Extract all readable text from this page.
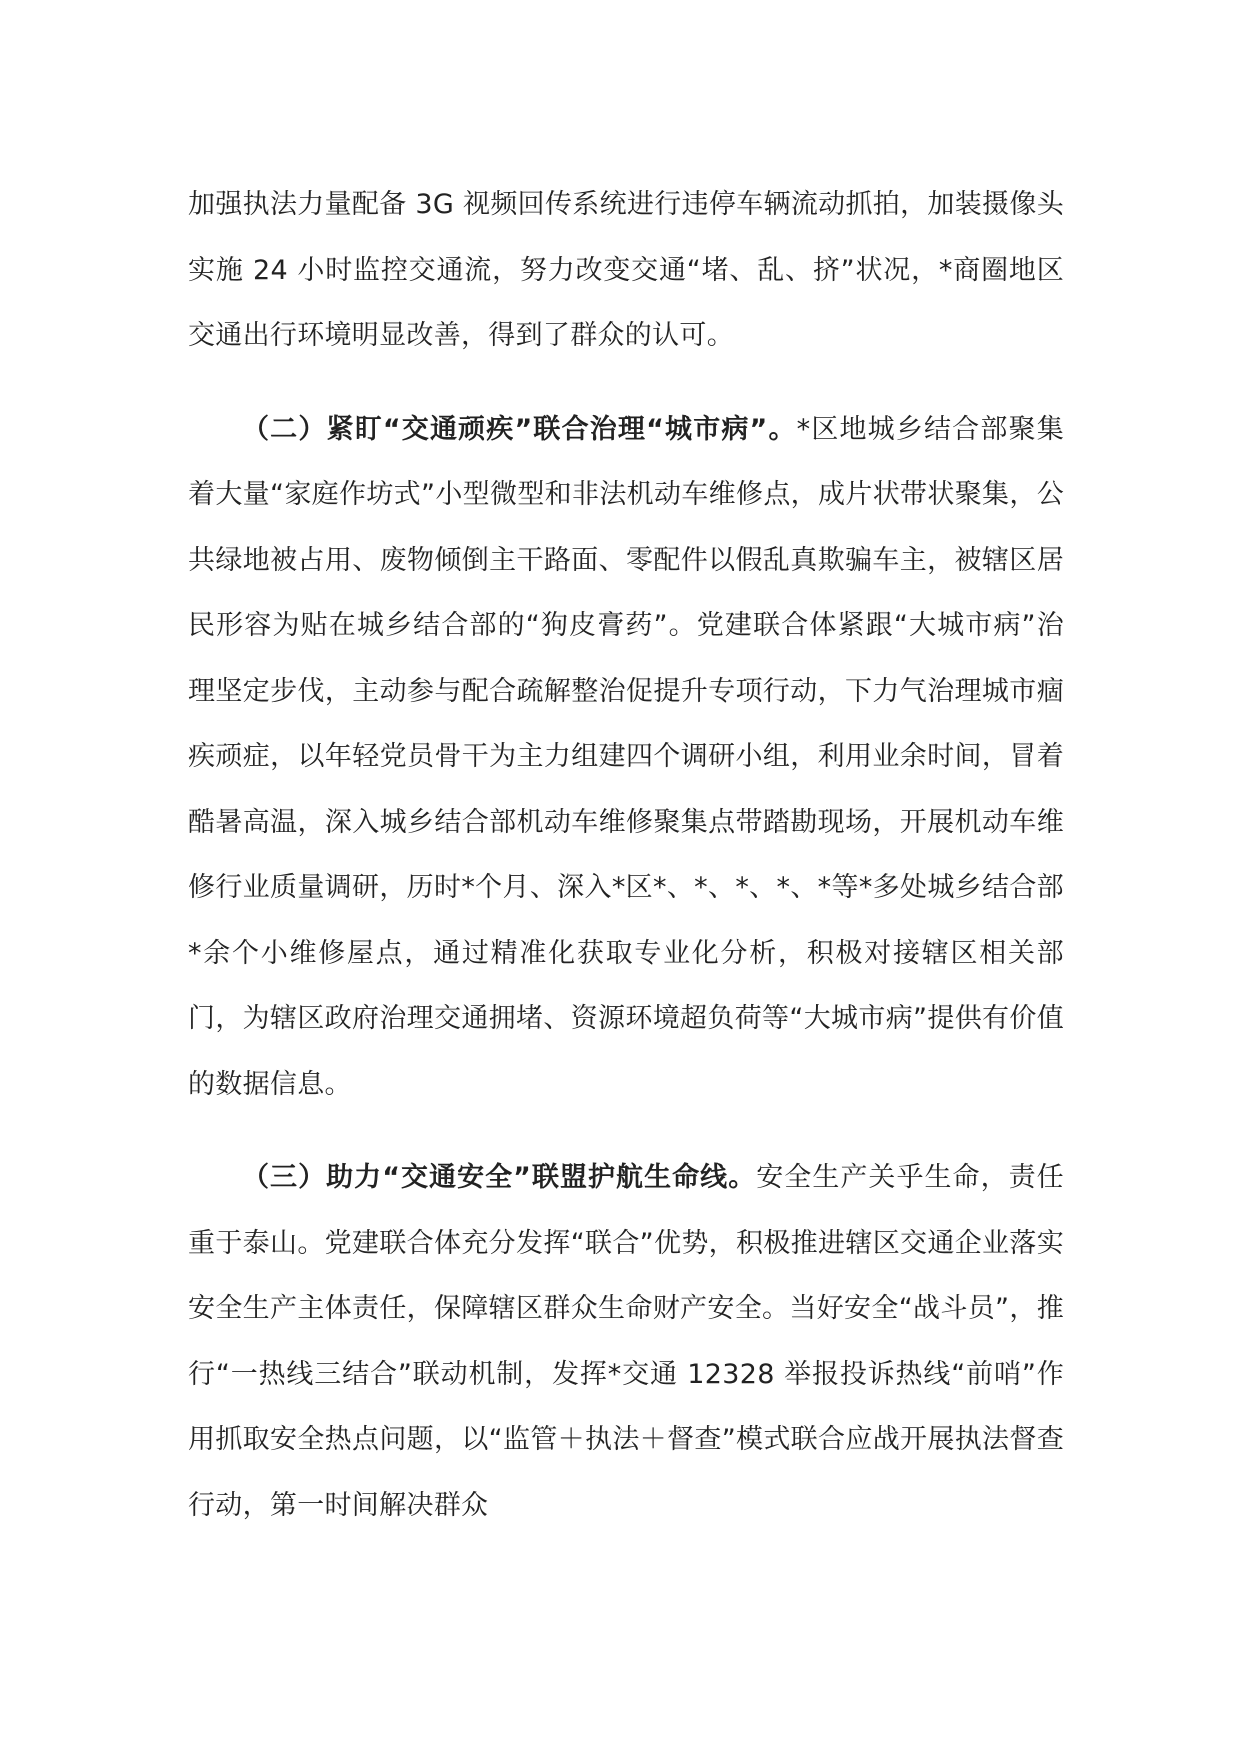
加强执法力量配备 3G 视频回传系统进行违停车辆流动抓拍，加装摄像头实施 24 小时监控交通流，努力改变交通“堵、乱、挤”状况，*商圈地区交通出行环境明显改善，得到了群众的认可。

（二）紧盯“交通顽疾”联合治理“城市病”。*区地城乡结合部聚集着大量“家庭作坊式”小型微型和非法机动车维修点，成片状带状聚集，公共绿地被占用、废物倾倒主干路面、零配件以假乱真欺骗车主，被辖区居民形容为贴在城乡结合部的“狗皮膏药”。党建联合体紧跟“大城市病”治理坚定步伐，主动参与配合疏解整治促提升专项行动，下力气治理城市痼疾顽症，以年轻党员骨干为主力组建四个调研小组，利用业余时间，冒着酷暑高温，深入城乡结合部机动车维修聚集点带踏勘现场，开展机动车维修行业质量调研，历时*个月、深入*区*、*、*、*、*等*多处城乡结合部*余个小维修屋点，通过精准化获取专业化分析，积极对接辖区相关部门，为辖区政府治理交通拥堵、资源环境超负荷等“大城市病”提供有价值的数据信息。

（三）助力“交通安全”联盟护航生命线。安全生产关乎生命，责任重于泰山。党建联合体充分发挥“联合”优势，积极推进辖区交通企业落实安全生产主体责任，保障辖区群众生命财产安全。当好安全“战斗员”，推行“一热线三结合”联动机制，发挥*交通 12328 举报投诉热线“前哨”作用抓取安全热点问题，以“监管＋执法＋督查”模式联合应战开展执法督查行动，第一时间解决群众
